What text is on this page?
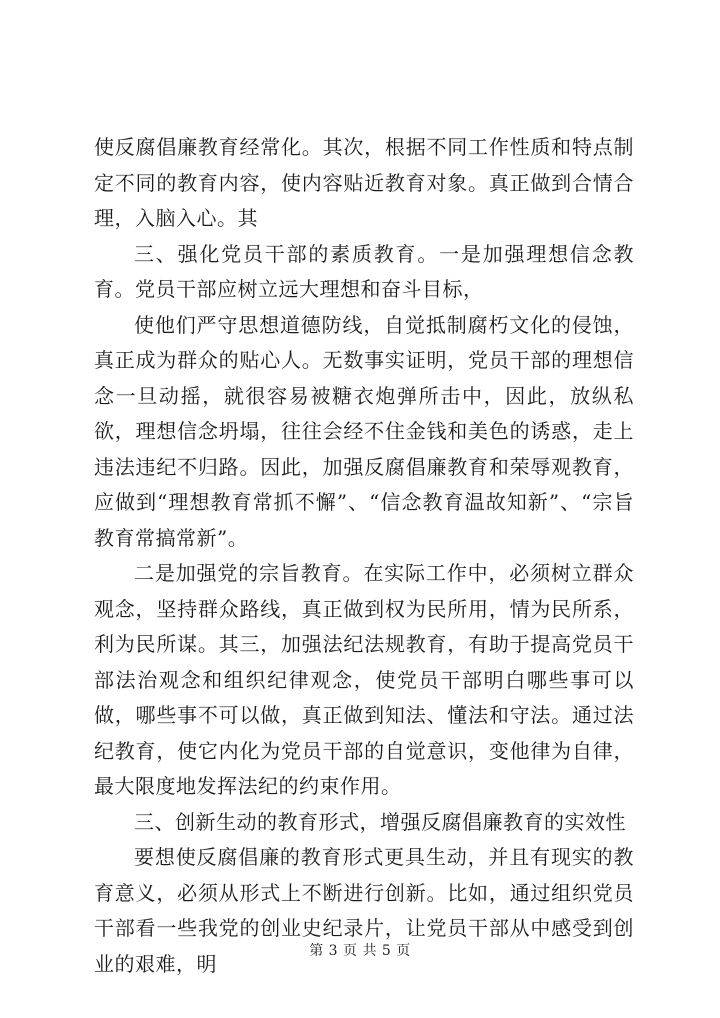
使反腐倡廉教育经常化。其次，根据不同工作性质和特点制定不同的教育内容，使内容贴近教育对象。真正做到合情合理，入脑入心。其

三、强化党员干部的素质教育。一是加强理想信念教育。党员干部应树立远大理想和奋斗目标，

使他们严守思想道德防线，自觉抵制腐朽文化的侵蚀，真正成为群众的贴心人。无数事实证明，党员干部的理想信念一旦动摇，就很容易被糖衣炮弹所击中，因此，放纵私欲，理想信念坍塌，往往会经不住金钱和美色的诱惑，走上违法违纪不归路。因此，加强反腐倡廉教育和荣辱观教育，应做到“理想教育常抓不懈”、“信念教育温故知新”、“宗旨教育常搞常新”。

二是加强党的宗旨教育。在实际工作中，必须树立群众观念，坚持群众路线，真正做到权为民所用，情为民所系，利为民所谋。其三，加强法纪法规教育，有助于提高党员干部法治观念和组织纪律观念，使党员干部明白哪些事可以做，哪些事不可以做，真正做到知法、懂法和守法。通过法纪教育，使它内化为党员干部的自觉意识，变他律为自律，最大限度地发挥法纪的约束作用。

三、创新生动的教育形式，增强反腐倡廉教育的实效性

要想使反腐倡廉的教育形式更具生动，并且有现实的教育意义，必须从形式上不断进行创新。比如，通过组织党员干部看一些我党的创业史纪录片，让党员干部从中感受到创业的艰难，明

第 3 页 共 5 页
